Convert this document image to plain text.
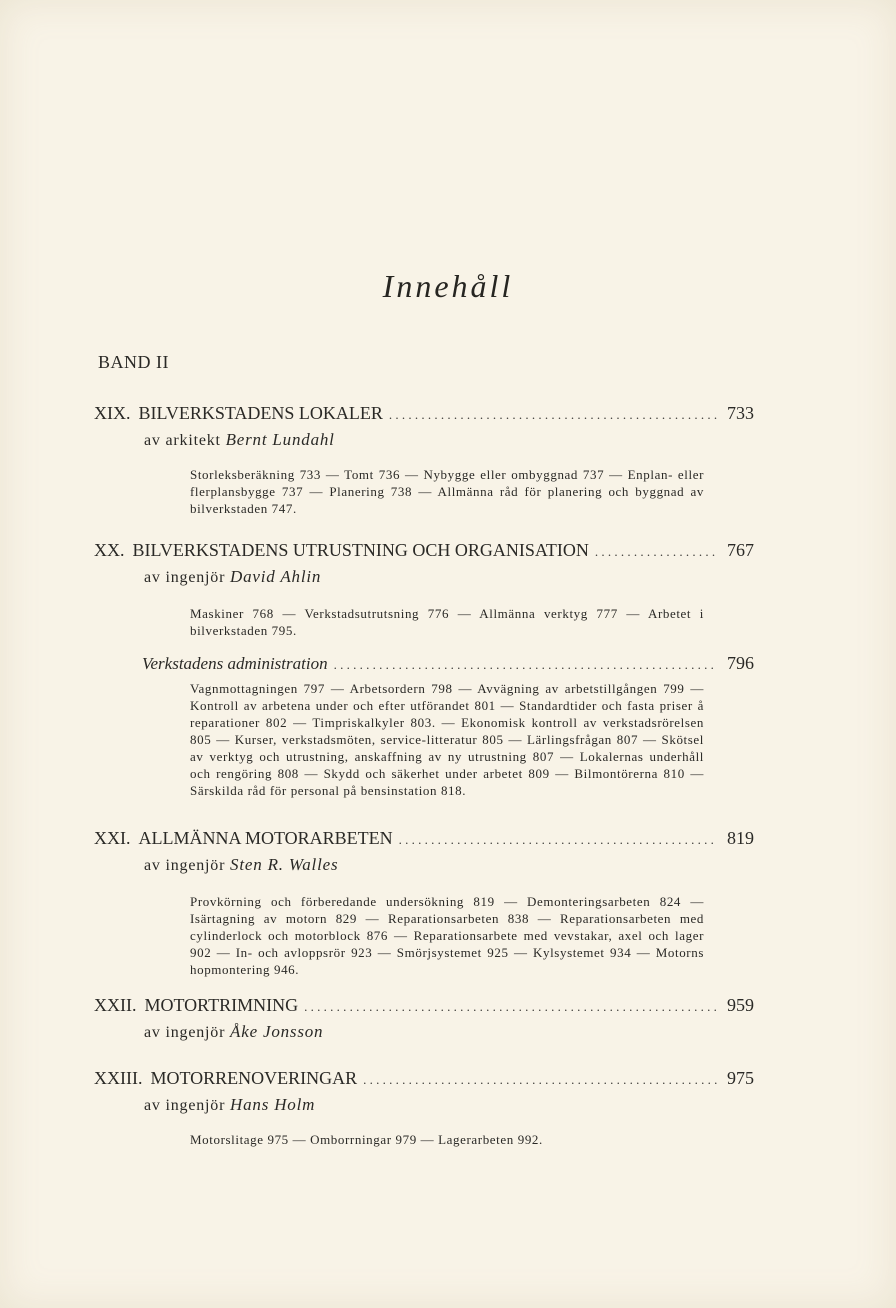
Innehåll
BAND II
XIX. BILVERKSTADENS LOKALER . . .	733
av arkitekt Bernt Lundahl
Storleksberäkning 733 — Tomt 736 — Nybygge eller ombyggnad 737 — Enplan- eller flerplansbygge 737 — Planering 738 — Allmänna råd för planering och byggnad av bilverkstaden 747.
XX. BILVERKSTADENS UTRUSTNING OCH ORGANISATION . . .	767
av ingenjör David Ahlin
Maskiner 768 — Verkstadsutrutsning 776 — Allmänna verktyg 777 — Arbetet i bilverkstaden 795.
Verkstadens administration . . .	796
Vagnmottagningen 797 — Arbetsordern 798 — Avvägning av arbetstillgången 799 — Kontroll av arbetena under och efter utförandet 801 — Standardtider och fasta priser å reparationer 802 — Timpriskalkyler 803. — Ekonomisk kontroll av verkstadsrörelsen 805 — Kurser, verkstadsmöten, service-litteratur 805 — Lärlingsfrågan 807 — Skötsel av verktyg och utrustning, anskaffning av ny utrustning 807 — Lokalernas underhåll och rengöring 808 — Skydd och säkerhet under arbetet 809 — Bilmontörerna 810 — Särskilda råd för personal på bensinstation 818.
XXI. ALLMÄNNA MOTORARBETEN . . .	819
av ingenjör Sten R. Walles
Provkörning och förberedande undersökning 819 — Demonteringsarbeten 824 — Isärtagning av motorn 829 — Reparationsarbeten 838 — Reparationsarbeten med cylinderlock och motorblock 876 — Reparationsarbete med vevstakar, axel och lager 902 — In- och avloppsrör 923 — Smörjsystemet 925 — Kylsystemet 934 — Motorns hopmontering 946.
XXII. MOTORTRIMNING . . .	959
av ingenjör Åke Jonsson
XXIII. MOTORRENOVERINGAR . . .	975
av ingenjör Hans Holm
Motorslitage 975 — Omborrningar 979 — Lagerarbeten 992.
